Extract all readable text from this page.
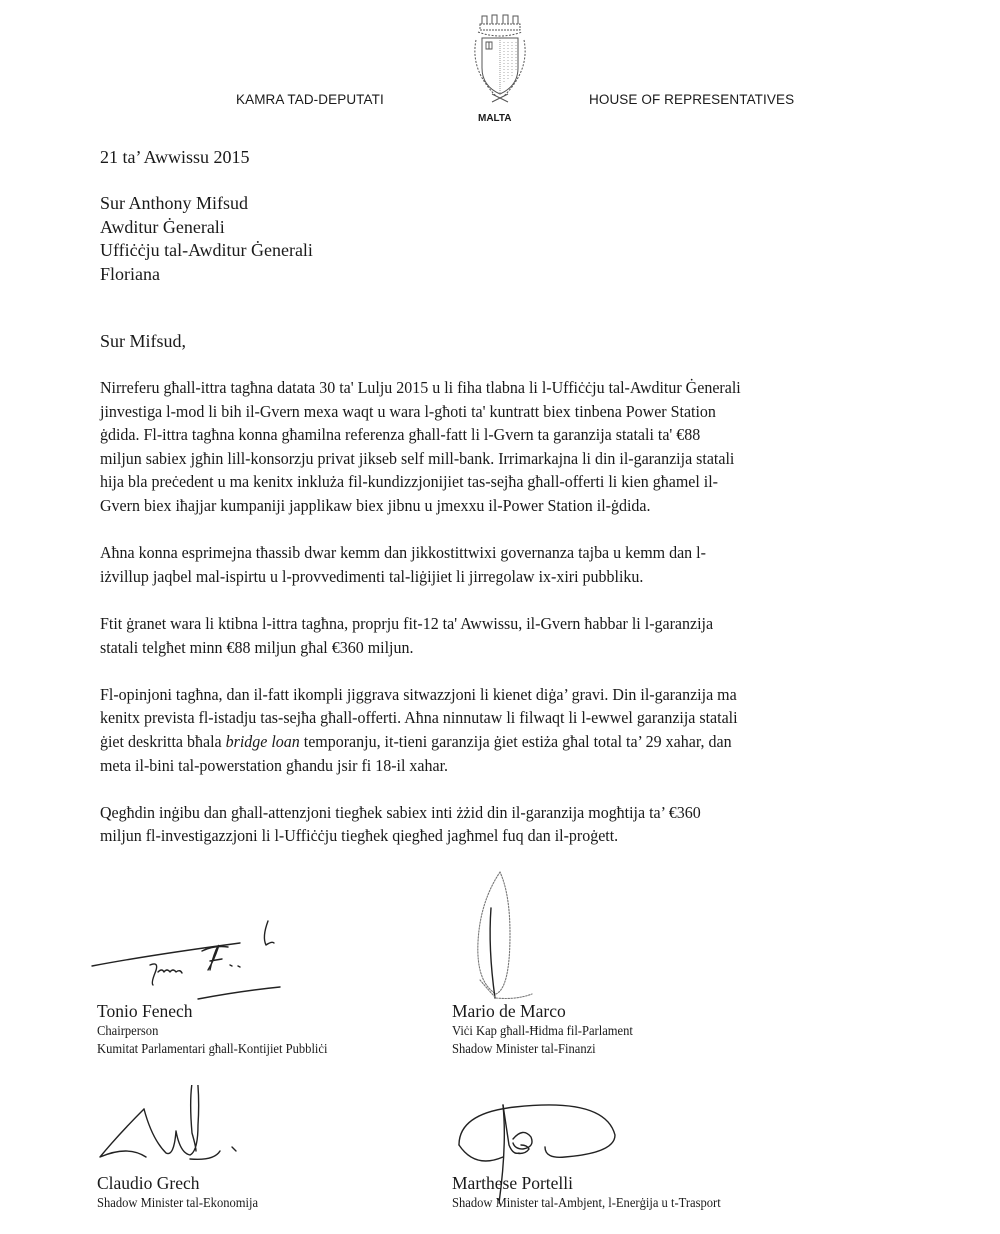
KAMRA TAD-DEPUTATI
MALTA
HOUSE OF REPRESENTATIVES
21 ta’ Awwissu 2015
Sur Anthony Mifsud
Awditur Ġenerali
Uffiċċju tal-Awditur Ġenerali
Floriana
Sur Mifsud,

Nirreferu għall-ittra tagħna datata 30 ta' Lulju 2015 u li fiha tlabna li l-Uffiċċju tal-Awditur Ġenerali
jinvestiga l-mod li bih il-Gvern mexa waqt u wara l-għoti ta' kuntratt biex tinbena Power Station
ġdida. Fl-ittra tagħna konna għamilna referenza għall-fatt li l-Gvern ta garanzija statali ta' €88
miljun sabiex jgħin lill-konsorzju privat jikseb self mill-bank. Irrimarkajna li din il-garanzija statali
hija bla preċedent u ma kenitx inkluża fil-kundizzjonijiet tas-sejħa għall-offerti li kien għamel il-
Gvern biex iħajjar kumpaniji japplikaw biex jibnu u jmexxu il-Power Station il-ġdida.

Aħna konna esprimejna tħassib dwar kemm dan jikkostittwixi governanza tajba u kemm dan l-
iżvillup jaqbel mal-ispirtu u l-provvedimenti tal-liġijiet li jirregolaw ix-xiri pubbliku.

Ftit ġranet wara li ktibna l-ittra tagħna, proprju fit-12 ta' Awwissu, il-Gvern ħabbar li l-garanzija
statali telgħet minn €88 miljun għal €360 miljun.

Fl-opinjoni tagħna, dan il-fatt ikompli jiggrava sitwazzjoni li kienet diġa’ gravi. Din il-garanzija ma
kenitx prevista fl-istadju tas-sejħa għall-offerti. Aħna ninnutaw li filwaqt li l-ewwel garanzija statali
ġiet deskritta bħala bridge loan temporanju, it-tieni garanzija ġiet estiża għal total ta’ 29 xahar, dan
meta il-bini tal-powerstation għandu jsir fi 18-il xahar.

Qegħdin inġibu dan għall-attenzjoni tiegħek sabiex inti żżid din il-garanzija mogħtija ta’ €360
miljun fl-investigazzjoni li l-Uffiċċju tiegħek qiegħed jagħmel fuq dan il-proġett.

Tonio Fenech
Chairperson
Kumitat Parlamentari għall-Kontijiet Pubbliċi
Mario de Marco
Viċi Kap għall-Ħidma fil-Parlament
Shadow Minister tal-Finanzi
Claudio Grech
Shadow Minister tal-Ekonomija
Marthese Portelli
Shadow Minister tal-Ambjent, l-Enerġija u t-Trasport
